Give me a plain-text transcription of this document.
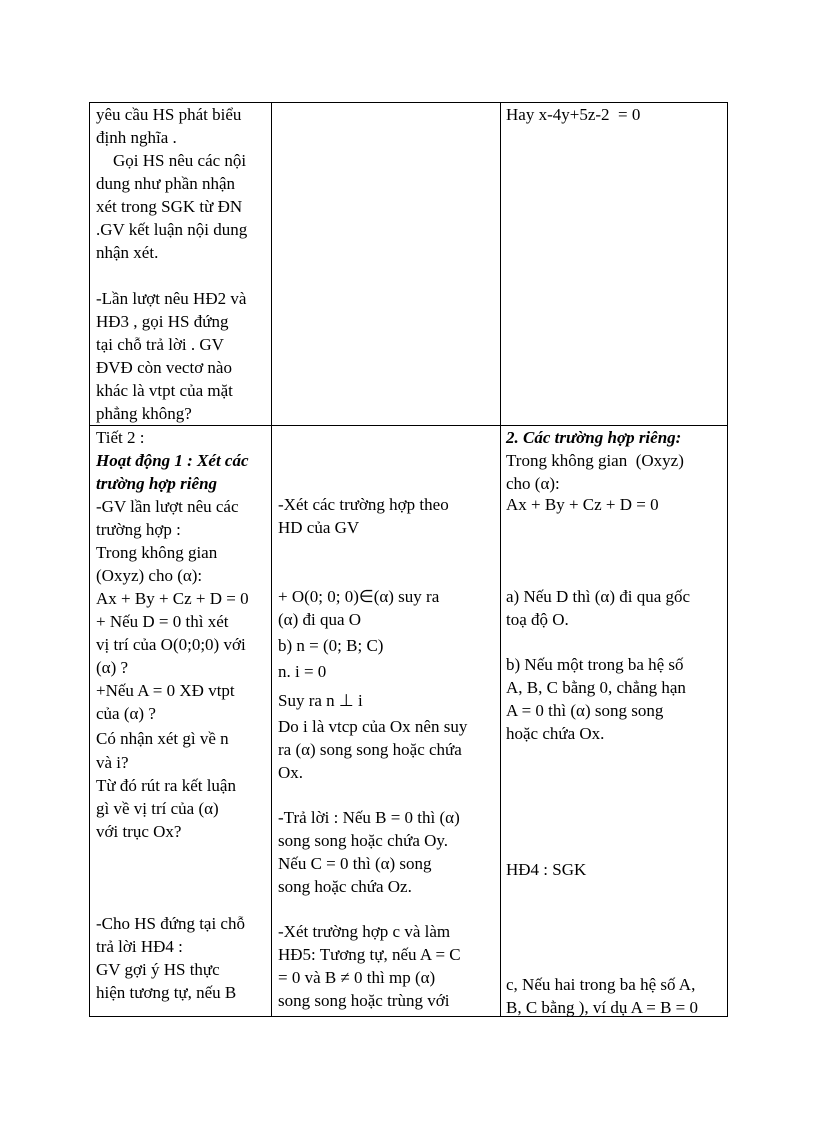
yêu cầu HS phát biểu
định nghĩa .
Gọi HS nêu các nội
dung như phần nhận
xét trong SGK từ ĐN
.GV kết luận nội dung
nhận xét.
-Lần lượt nêu HĐ2 và
HĐ3 , gọi HS đứng
tại chỗ trả lời . GV
ĐVĐ còn vectơ nào
khác là vtpt của mặt
phẳng không?
Hay x-4y+5z-2  = 0
Tiết 2 :
Hoạt động 1 : Xét các
trường hợp riêng
-GV lần lượt nêu các
trường hợp :
Trong không gian
(Oxyz) cho (α):
Ax + By + Cz + D = 0
+ Nếu D = 0 thì xét
vị trí của O(0;0;0) với
(α) ?
+Nếu A = 0 XĐ vtpt
của (α) ?
Có nhận xét gì về n
và i?
Từ đó rút ra kết luận
gì về vị trí của (α)
với trục Ox?
-Cho HS đứng tại chỗ
trả lời HĐ4 :
GV gợi ý HS thực
hiện tương tự, nếu B
-Xét các trường hợp theo
HD của GV
+ O(0; 0; 0)∈(α) suy ra
(α) đi qua O
b) n = (0; B; C)
n. i = 0
Suy ra n ⊥ i
Do i là vtcp của Ox nên suy
ra (α) song song hoặc chứa
Ox.
-Trả lời : Nếu B = 0 thì (α)
song song hoặc chứa Oy.
Nếu C = 0 thì (α) song
song hoặc chứa Oz.
-Xét trường hợp c và làm
HĐ5: Tương tự, nếu A = C
= 0 và B ≠ 0 thì mp (α)
song song hoặc trùng với
2. Các trường hợp riêng:
Trong không gian  (Oxyz)
cho (α):
Ax + By + Cz + D = 0
a) Nếu D thì (α) đi qua gốc
toạ độ O.
b) Nếu một trong ba hệ số
A, B, C bằng 0, chẳng hạn
A = 0 thì (α) song song
hoặc chứa Ox.
HĐ4 : SGK
c, Nếu hai trong ba hệ số A,
B, C bằng ), ví dụ A = B = 0
